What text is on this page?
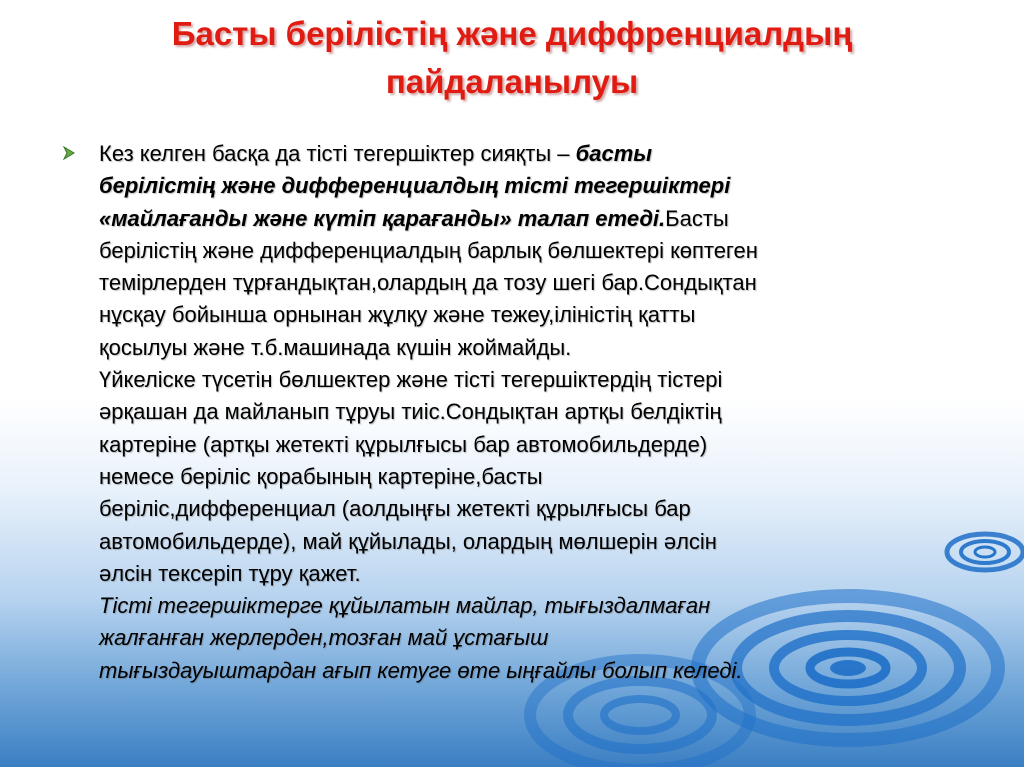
Басты берілістің және диффренциалдың
пайдаланылуы
Кез келген басқа да тісті тегершіктер сияқты – басты
берілістің және дифференциалдың тісті тегершіктері
«майлағанды және күтіп қарағанды» талап етеді.Басты
берілістің және дифференциалдың барлық бөлшектері көптеген
темірлерден тұрғандықтан,олардың да тозу шегі бар.Сондықтан
нұсқау бойынша орнынан жұлқу және тежеу,ілiністің қатты
қосылуы және т.б.машинада күшін жоймайды.
Үйкеліске түсетін бөлшектер және тісті тегершіктердің тістері
әрқашан да майланып тұруы тиіс.Сондықтан артқы белдіктің
картеріне (артқы жетекті құрылғысы бар автомобильдерде)
немесе беріліс қорабының картеріне,басты
беріліс,дифференциал (аолдыңғы жетекті құрылғысы бар
автомобильдерде), май құйылады, олардың мөлшерін әлсін
әлсін тексеріп тұру қажет.
Тісті тегершіктерге құйылатын майлар, тығыздалмаған
жалғанған жерлерден,тозған май ұстағыш
тығыздауыштардан ағып кетуге өте ыңғайлы болып келеді.
